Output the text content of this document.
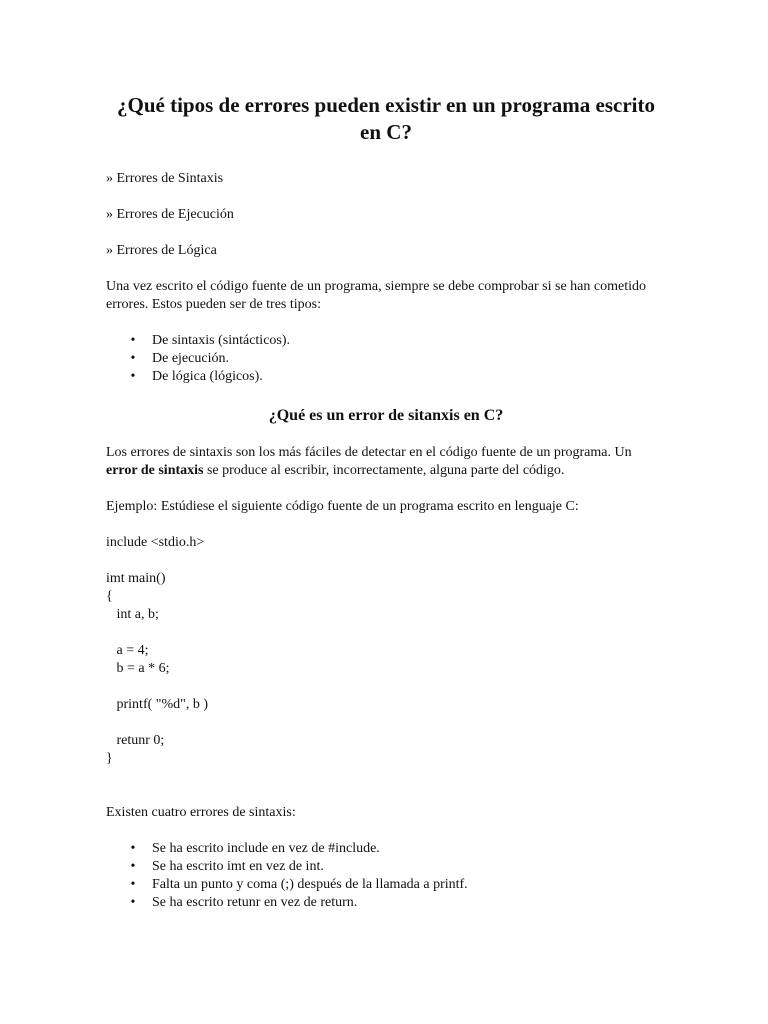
¿Qué tipos de errores pueden existir en un programa escrito en C?

» Errores de Sintaxis

» Errores de Ejecución

» Errores de Lógica

Una vez escrito el código fuente de un programa, siempre se debe comprobar si se han cometido errores. Estos pueden ser de tres tipos:

• De sintaxis (sintácticos).
• De ejecución.
• De lógica (lógicos).
¿Qué es un error de sitanxis en C?

Los errores de sintaxis son los más fáciles de detectar en el código fuente de un programa. Un error de sintaxis se produce al escribir, incorrectamente, alguna parte del código.

Ejemplo: Estúdiese el siguiente código fuente de un programa escrito en lenguaje C:

include <stdio.h>

imt main()

{

int a, b;

a = 4;

b = a * 6;

printf( "%d", b )

retunr 0;

}

Existen cuatro errores de sintaxis:

• Se ha escrito include en vez de #include.
• Se ha escrito imt en vez de int.
• Falta un punto y coma (;) después de la llamada a printf.
• Se ha escrito retunr en vez de return.
